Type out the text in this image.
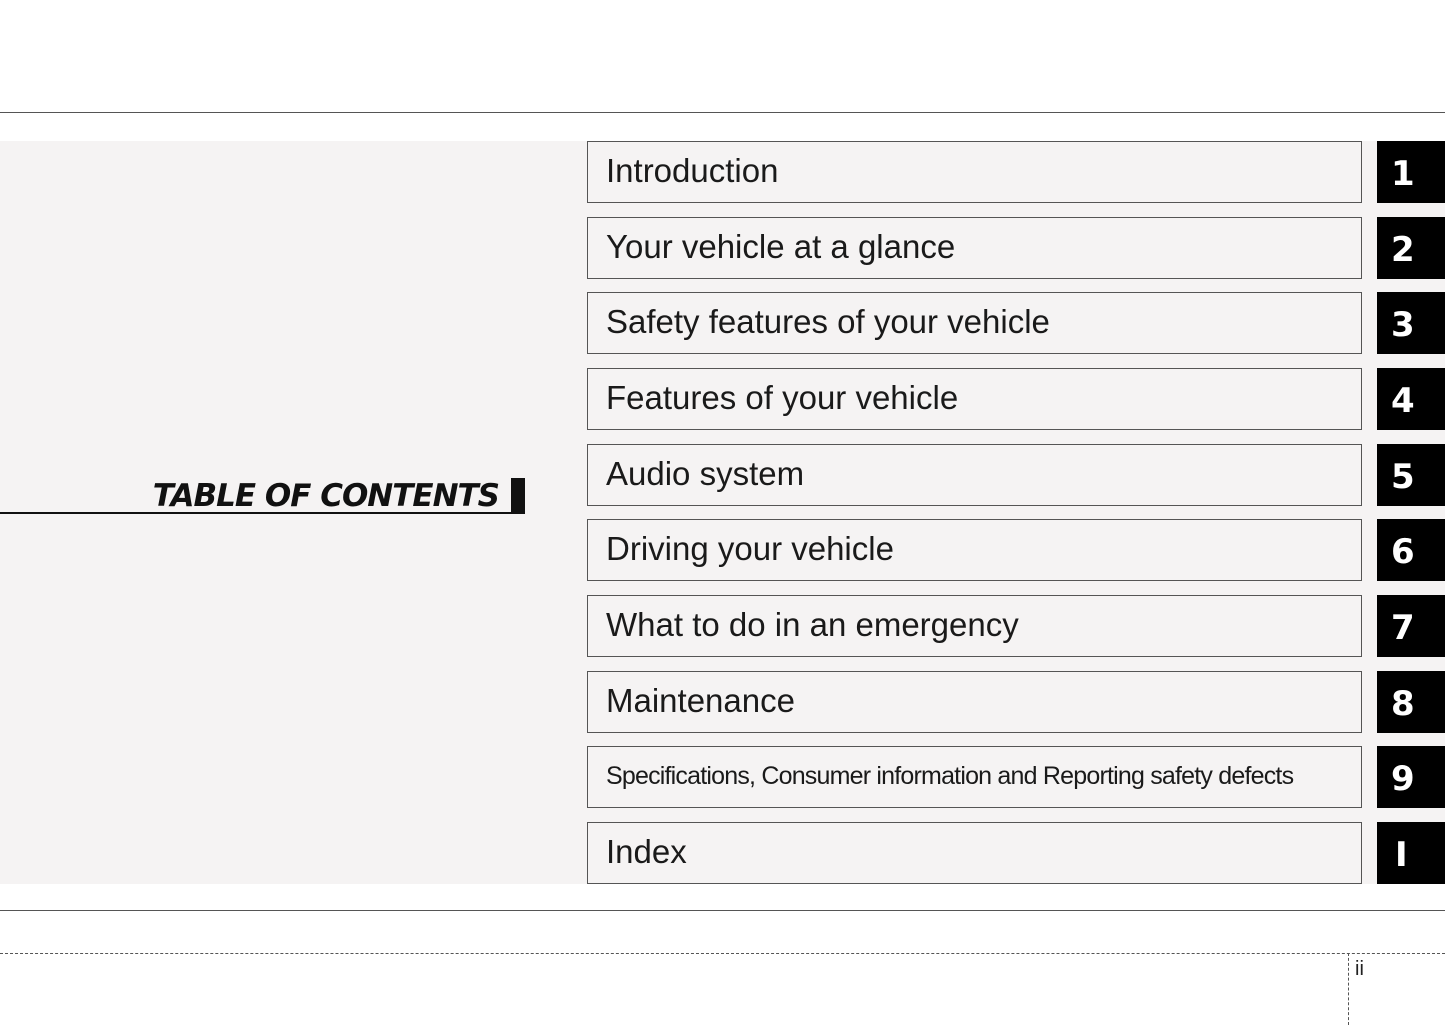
TABLE OF CONTENTS
Introduction	1
Your vehicle at a glance	2
Safety features of your vehicle	3
Features of your vehicle	4
Audio system	5
Driving your vehicle	6
What to do in an emergency	7
Maintenance	8
Specifications, Consumer information and Reporting safety defects	9
Index	I
ii
